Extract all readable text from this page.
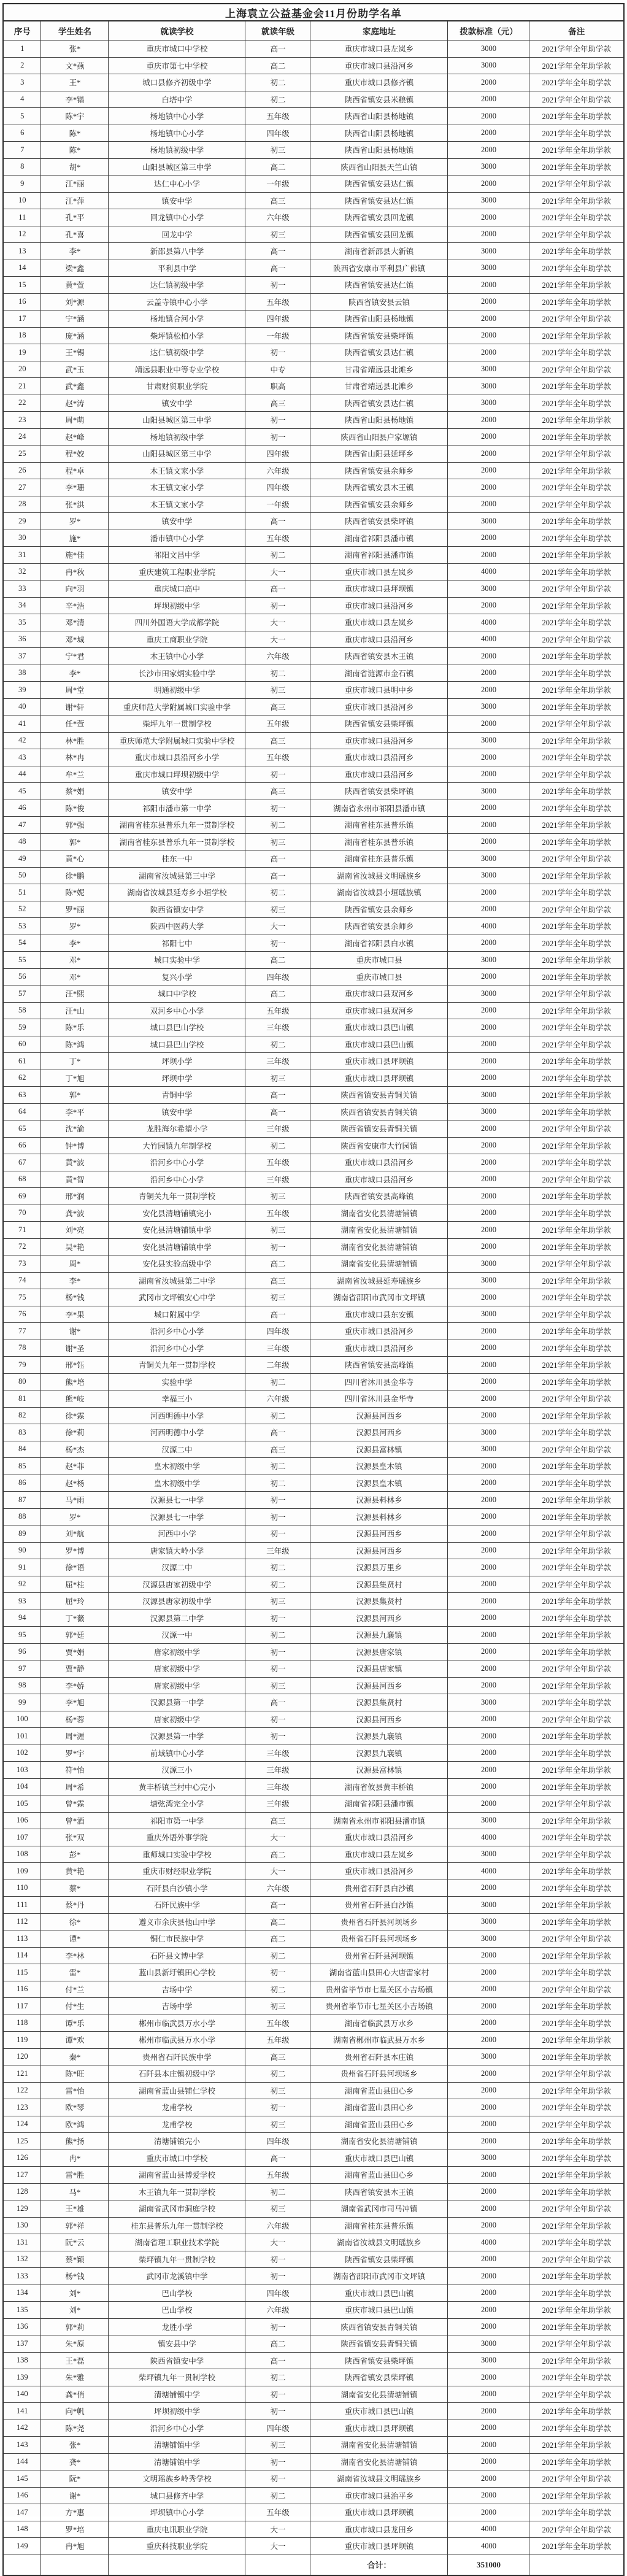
上海袁立公益基金会11月份助学名单						
序号	学生姓名	就读学校	就读年级	家庭地址	拨款标准（元）	备注
1	张*	重庆市城口中学校	高一	重庆市城口县左岚乡	3000	2021学年全年助学款
2	文*燕	重庆市第七中学校	高二	重庆市城口县沿河乡	3000	2021学年全年助学款
3	王*	城口县修齐初级中学	初二	重庆市城口县修齐镇	2000	2021学年全年助学款
4	李*锴	白塔中学	初二	陕西省镇安县米粮镇	2000	2021学年全年助学款
5	陈*宇	杨地镇中心小学	五年级	陕西省山阳县杨地镇	2000	2021学年全年助学款
6	陈*	杨地镇中心小学	四年级	陕西省山阳县杨地镇	2000	2021学年全年助学款
7	陈*	杨地镇初级中学	初三	陕西省山阳县杨地镇	2000	2021学年全年助学款
8	胡*	山阳县城区第三中学	高二	陕西省山阳县天竺山镇	3000	2021学年全年助学款
9	江*丽	达仁中心小学	一年级	陕西省镇安县达仁镇	2000	2021学年全年助学款
10	江*萍	镇安中学	高三	陕西省镇安县达仁镇	3000	2021学年全年助学款
11	孔*平	回龙镇中心小学	六年级	陕西省镇安县回龙镇	2000	2021学年全年助学款
12	孔*喜	回龙中学	初三	陕西省镇安县回龙镇	2000	2021学年全年助学款
13	李*	新邵县第八中学	高一	湖南省新邵县大新镇	3000	2021学年全年助学款
14	梁*鑫	平利县中学	高一	陕西省安康市平利县广佛镇	3000	2021学年全年助学款
15	黄*萱	达仁镇初级中学	初一	陕西省镇安县达仁镇	2000	2021学年全年助学款
16	刘*源	云盖寺镇中心小学	五年级	陕西省镇安县云镇	2000	2021学年全年助学款
17	宁*涵	杨地镇合河小学	四年级	陕西省山阳县杨地镇	2000	2021学年全年助学款
18	庞*涵	柴坪镇松柏小学	一年级	陕西省镇安县柴坪镇	2000	2021学年全年助学款
19	王*锡	达仁镇初级中学	初一	陕西省镇安县达仁镇	2000	2021学年全年助学款
20	武*玉	靖远县职业中等专业学校	中专	甘肃省靖远县北滩乡	3000	2021学年全年助学款
21	武*鑫	甘肃财贸职业学院	职高	甘肃省靖远县北滩乡	3000	2021学年全年助学款
22	赵*涛	镇安中学	高三	陕西省镇安县达仁镇	3000	2021学年全年助学款
23	周*萌	山阳县城区第三中学	初一	陕西省山阳县杨地镇	2000	2021学年全年助学款
24	赵*峰	杨地镇初级中学	初一	陕西省山阳县户家塬镇	2000	2021学年全年助学款
25	程*姣	山阳县城区第三中学	四年级	陕西省山阳县延坪乡	2000	2021学年全年助学款
26	程*卓	木王镇文家小学	六年级	陕西省镇安县余师乡	2000	2021学年全年助学款
27	李*珊	木王镇文家小学	四年级	陕西省镇安县木王镇	2000	2021学年全年助学款
28	张*洪	木王镇文家小学	一年级	陕西省镇安县余师乡	2000	2021学年全年助学款
29	罗*	镇安中学	高一	陕西省镇安县柴坪镇	3000	2021学年全年助学款
30	施*	潘市镇中心小学	五年级	湖南省祁阳县潘市镇	2000	2021学年全年助学款
31	施*佳	祁阳文昌中学	初二	湖南省祁阳县潘市镇	2000	2021学年全年助学款
32	冉*秋	重庆建筑工程职业学院	大一	重庆市城口县左岚乡	4000	2021学年全年助学款
33	向*羽	重庆城口高中	高一	重庆市城口县坪坝镇	3000	2021学年全年助学款
34	辛*浩	坪坝初级中学	初一	重庆市城口县沿河乡	2000	2021学年全年助学款
35	邓*清	四川外国语大学成都学院	大一	重庆市城口县左岚乡	4000	2021学年全年助学款
36	邓*城	重庆工商职业学院	大一	重庆市城口县沿河乡	4000	2021学年全年助学款
37	宁*君	木王镇中心小学	六年级	陕西省镇安县木王镇	2000	2021学年全年助学款
38	李*	长沙市田家炳实验中学	初二	湖南省涟源市金石镇	2000	2021学年全年助学款
39	周*堂	明通初级中学	初三	重庆市城口县明中乡	2000	2021学年全年助学款
40	谢*轩	重庆师范大学附属城口实验中学	高三	重庆市城口县沿河乡	3000	2021学年全年助学款
41	任*萱	柴坪九年一贯制学校	五年级	陕西省镇安县柴坪镇	2000	2021学年全年助学款
42	林*胜	重庆师范大学附属城口实验中学校	高三	重庆市城口县沿河乡	3000	2021学年全年助学款
43	林*冉	重庆市城口县沿河乡小学	五年级	重庆市城口县沿河乡	2000	2021学年全年助学款
44	牟*兰	重庆市城口坪坝初级中学	初一	重庆市城口县沿河乡	2000	2021学年全年助学款
45	蔡*娟	镇安中学	高三	陕西省镇安县柴坪镇	3000	2021学年全年助学款
46	陈*俊	祁阳市潘市第一中学	初一	湖南省永州市祁阳县潘市镇	2000	2021学年全年助学款
47	郭*强	湖南省桂东县普乐九年一贯制学校	初二	湖南省桂东县普乐镇	2000	2021学年全年助学款
48	郭*	湖南省桂东县普乐九年一贯制学校	初三	湖南省桂东县普乐镇	2000	2021学年全年助学款
49	黄*心	桂东一中	高一	湖南省桂东县普乐镇	3000	2021学年全年助学款
50	徐*鹏	湖南省汝城县第三中学	高一	湖南省汝城县文明瑶族乡	3000	2021学年全年助学款
51	陈*妮	湖南省汝城县延寿乡小垣学校	初二	湖南省汝城县小垣瑶族镇	2000	2021学年全年助学款
52	罗*丽	陕西省镇安中学	初三	陕西省镇安县余师乡	2000	2021学年全年助学款
53	罗*	陕西中医药大学	大一	陕西省镇安县余师乡	4000	2021学年全年助学款
54	李*	祁阳七中	初一	湖南省祁阳县白水镇	2000	2021学年全年助学款
55	邓*	城口实验中学	高二	重庆市城口县	3000	2021学年全年助学款
56	邓*	复兴小学	四年级	重庆市城口县	2000	2021学年全年助学款
57	汪*熙	城口中学校	高二	重庆市城口县双河乡	3000	2021学年全年助学款
58	汪*山	双河乡中心小学	五年级	重庆市城口县双河乡	2000	2021学年全年助学款
59	陈*乐	城口县巴山学校	三年级	重庆市城口县巴山镇	2000	2021学年全年助学款
60	陈*鸿	城口县巴山学校	初二	重庆市城口县巴山镇	2000	2021学年全年助学款
61	丁*	坪坝小学	三年级	重庆市城口县坪坝镇	2000	2021学年全年助学款
62	丁*旭	坪坝中学	初三	重庆市城口县坪坝镇	2000	2021学年全年助学款
63	郭*	青铜中学	高一	陕西省镇安县青铜关镇	3000	2021学年全年助学款
64	李*平	镇安中学	高一	陕西省镇安县青铜关镇	3000	2021学年全年助学款
65	沈*渝	龙胜海尔希望小学	三年级	陕西省镇安县青铜关镇	2000	2021学年全年助学款
66	钟*博	大竹园镇九年制学校	初二	陕西省安康市大竹园镇	2000	2021学年全年助学款
67	黄*波	沿河乡中心小学	五年级	重庆市城口县沿河乡	2000	2021学年全年助学款
68	黄*智	沿河乡中心小学	三年级	重庆市城口县沿河乡	2000	2021学年全年助学款
69	邢*润	青铜关九年一贯制学校	初三	陕西省镇安县高峰镇	2000	2021学年全年助学款
70	龚*波	安化县清塘铺镇完小	五年级	湖南省安化县清塘铺镇	2000	2021学年全年助学款
71	刘*亮	安化县清塘铺镇中学	初三	湖南省安化县清塘铺镇	2000	2021学年全年助学款
72	吴*艳	安化县清塘铺镇中学	初一	湖南省安化县清塘铺镇	2000	2021学年全年助学款
73	周*	安化县实验高级中学	高二	湖南省安化县清塘铺镇	3000	2021学年全年助学款
74	李*	湖南省汝城县第二中学	高三	湖南省汝城县延寿瑶族乡	3000	2021学年全年助学款
75	杨*钱	武冈市文坪镇安心中学	初三	湖南省邵阳市武冈市文坪镇	2000	2021学年全年助学款
76	李*果	城口附属中学	高一	重庆市城口县东安镇	3000	2021学年全年助学款
77	谢*	沿河乡中心小学	四年级	重庆市城口县沿河乡	2000	2021学年全年助学款
78	谢*圣	沿河乡中心小学	三年级	重庆市城口县沿河乡	2000	2021学年全年助学款
79	邢*钰	青铜关九年一贯制学校	二年级	陕西省镇安县高峰镇	2000	2021学年全年助学款
80	熊*培	实验中学	初二	四川省沐川县金华寺	2000	2021学年全年助学款
81	熊*岐	幸福三小	六年级	四川省沐川县金华寺	2000	2021学年全年助学款
82	徐*霖	河西明德中小学	初二	汉源县河西乡	2000	2021学年全年助学款
83	徐*莉	河西明德中小学	高一	汉源县河西乡	3000	2021学年全年助学款
84	杨*杰	汉源二中	高三	汉源县富林镇	3000	2021学年全年助学款
85	赵*菲	皇木初级中学	初二	汉源县皇木镇	2000	2021学年全年助学款
86	赵*杨	皇木初级中学	初二	汉源县皇木镇	2000	2021学年全年助学款
87	马*雨	汉源县七一中学	初一	汉源县料林乡	2000	2021学年全年助学款
88	罗*	汉源县七一中学	初一	汉源县料林乡	2000	2021学年全年助学款
89	刘*航	河西中小学	初一	汉源县河西乡	2000	2021学年全年助学款
90	罗*博	唐家镇大岭小学	三年级	汉源县河西乡	2000	2021学年全年助学款
91	徐*语	汉源二中	初二	汉源县万里乡	2000	2021学年全年助学款
92	屈*柱	汉源县唐家初级中学	初二	汉源县集贤村	2000	2021学年全年助学款
93	屈*玲	汉源县唐家初级中学	初三	汉源县集贤村	2000	2021学年全年助学款
94	丁*薇	汉源县第二中学	初一	汉源县河西乡	2000	2021学年全年助学款
95	郭*廷	汉源一中	初二	汉源县九襄镇	2000	2021学年全年助学款
96	贾*娟	唐家初级中学	初一	汉源县唐家镇	2000	2021学年全年助学款
97	贾*静	唐家初级中学	初一	汉源县唐家镇	2000	2021学年全年助学款
98	李*娇	唐家初级中学	初三	汉源县河西乡	2000	2021学年全年助学款
99	李*旭	汉源县第一中学	高一	汉源县集贤村	3000	2021学年全年助学款
100	杨*蓉	唐家初级中学	初一	汉源县河西乡	2000	2021学年全年助学款
101	周*湹	汉源县第一中学	初一	汉源县九襄镇	2000	2021学年全年助学款
102	罗*宇	前域镇中心小学	三年级	汉源县九襄镇	2000	2021学年全年助学款
103	符*怡	汉源三小	三年级	汉源县富林镇	2000	2021学年全年助学款
104	周*希	黄丰桥镇兰村中心完小	三年级	湖南省攸县黄丰桥镇	2000	2021学年全年助学款
105	曾*霖	塘弦湾完全小学	三年级	湖南省祁阳县潘市镇	2000	2021学年全年助学款
106	曾*酒	祁阳市第一中学	高三	湖南省永州市祁阳县潘市镇	3000	2021学年全年助学款
107	张*双	重庆外语外事学院	大一	重庆市城口县沿河乡	4000	2021学年全年助学款
108	彭*	重师城口实验中学校	高二	重庆市城口县左岚乡	3000	2021学年全年助学款
109	黄*艳	重庆市财经职业学院	大一	重庆市城口县沿河乡	4000	2021学年全年助学款
110	蔡*	石阡县白沙镇小学	六年级	贵州省石阡县白沙镇	2000	2021学年全年助学款
111	蔡*丹	石阡民族中学	高一	贵州省石阡县白沙镇	3000	2021学年全年助学款
112	徐*	遵义市余庆县他山中学	高二	贵州省石阡县河坝场乡	3000	2021学年全年助学款
113	谭*	铜仁市民族中学	高二	贵州省石阡县河坝场乡	3000	2021学年全年助学款
114	李*林	石阡县文博中学	初二	贵州省石阡县河坝镇	2000	2021学年全年助学款
115	雷*	蓝山县新圩镇田心学校	初一	湖南省蓝山县田心大唐雷家村	2000	2021学年全年助学款
116	付*兰	吉场中学	初二	贵州省毕节市七星关区小吉场镇	2000	2021学年全年助学款
117	付*生	吉场中学	初三	贵州省毕节市七星关区小吉场镇	2000	2021学年全年助学款
118	谭*乐	郴州市临武县万水小学	五年级	湖南省临武县万水乡	2000	2021学年全年助学款
119	谭*欢	郴州市临武县万水小学	五年级	湖南省郴州市临武县万水乡	2000	2021学年全年助学款
120	秦*	贵州省石阡民族中学	高三	贵州省石阡县本庄镇	3000	2021学年全年助学款
121	陈*旺	石阡县本庄镇初级中学	初二	贵州省石阡县河坝场乡	2000	2021学年全年助学款
122	雷*怡	湖南省蓝山县铺仁学校	初三	湖南省蓝山县田心乡	2000	2021学年全年助学款
123	欧*琴	龙甫学校	初一	湖南省蓝山县田心乡	2000	2021学年全年助学款
124	欧*鸿	龙甫学校	初三	湖南省蓝山县田心乡	2000	2021学年全年助学款
125	熊*扬	清塘铺镇完小	四年级	湖南省安化县清塘铺镇	2000	2021学年全年助学款
126	冉*	重庆市城口中学校	高一	重庆市城口县巴山镇	3000	2021学年全年助学款
127	雷*胜	湖南省蓝山县博爱学校	五年级	湖南省蓝山县田心乡	2000	2021学年全年助学款
128	马*	木王镇九年一贯制学校	初二	陕西省镇安县木王镇	2000	2021学年全年助学款
129	王*雄	湖南省武冈市洞庭学校	初三	湖南省武冈市司马冲镇	2000	2021学年全年助学款
130	郭*祥	桂东县普乐九年一贯制学校	六年级	湖南省桂东县普乐镇	2000	2021学年全年助学款
131	阮*云	湖南省理工职业技术学院	大一	湖南省汝城县文明瑶族乡	4000	2021学年全年助学款
132	蔡*颖	柴坪镇九年一贯制学校	初一	陕西省镇安县柴坪镇	2000	2021学年全年助学款
133	杨*钱	武冈市龙溪镇中学	初一	湖南省邵阳市武冈市文坪镇	2000	2021学年全年助学款
134	刘*	巴山学校	四年级	重庆市城口县巴山镇	2000	2021学年全年助学款
135	刘*	巴山学校	六年级	重庆市城口县巴山镇	2000	2021学年全年助学款
136	郭*莉	龙胜小学	初一	陕西省镇安县青铜关镇	2000	2021学年全年助学款
137	朱*原	镇安县中学	高二	陕西省镇安县青铜关镇	3000	2021学年全年助学款
138	王*磊	陕西省镇安中学	高一	陕西省镇安县柴坪镇	3000	2021学年全年助学款
139	朱*雅	柴坪镇九年一贯制学校	初二	陕西省镇安县柴坪镇	2000	2021学年全年助学款
140	龚*俏	清塘铺镇中学	初一	湖南省安化县清塘铺镇	2000	2021学年全年助学款
141	向*帆	坪坝初级中学	初一	重庆市城口县巴山镇	2000	2021学年全年助学款
142	陈*尧	沿河乡中心小学	四年级	重庆市城口县坪坝镇	2000	2021学年全年助学款
143	张*	清塘铺镇中学	初三	湖南省安化县清塘铺镇	2000	2021学年全年助学款
144	龚*	清塘铺镇中学	初一	湖南省安化县清塘铺镇	2000	2021学年全年助学款
145	阮*	文明瑶族乡岭秀学校	初一	湖南省汝城县文明瑶族乡	2000	2021学年全年助学款
146	谢*	城口县修齐中学	初二	重庆市城口县治平乡	2000	2021学年全年助学款
147	方*惠	坪坝镇中心小学	五年级	重庆市城口县坪坝镇	2000	2021学年全年助学款
148	罗*培	重庆电讯职业学院	大一	重庆市城口县龙田乡	4000	2021学年全年助学款
149	冉*旭	重庆科技职业学院	大一	重庆市城口县坪坝镇	4000	2021学年全年助学款
				合计：	351000	
